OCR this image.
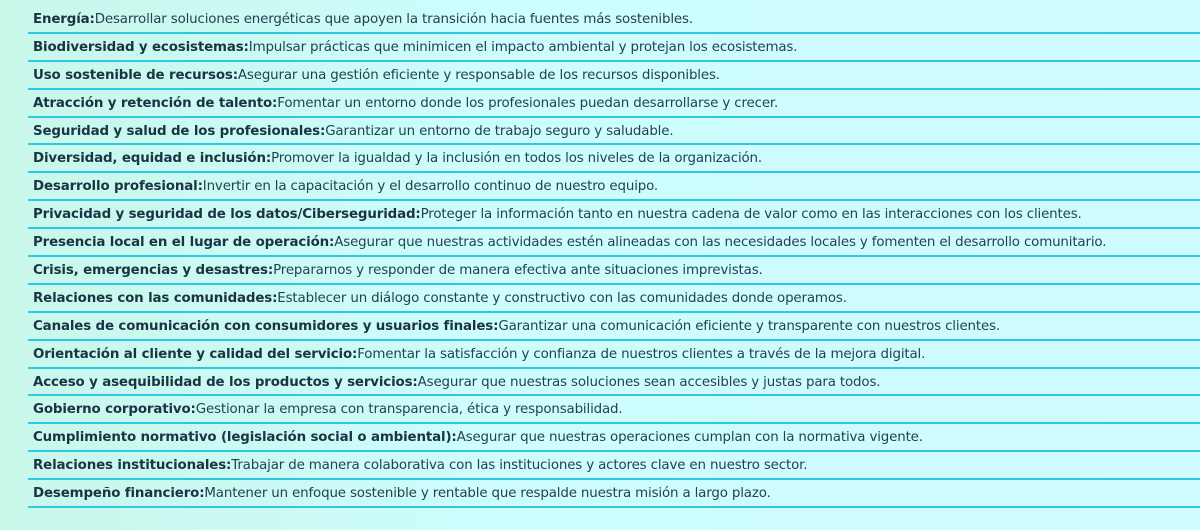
Energía: Desarrollar soluciones energéticas que apoyen la transición hacia fuentes más sostenibles.
Biodiversidad y ecosistemas: Impulsar prácticas que minimicen el impacto ambiental y protejan los ecosistemas.
Uso sostenible de recursos: Asegurar una gestión eficiente y responsable de los recursos disponibles.
Atracción y retención de talento: Fomentar un entorno donde los profesionales puedan desarrollarse y crecer.
Seguridad y salud de los profesionales: Garantizar un entorno de trabajo seguro y saludable.
Diversidad, equidad e inclusión: Promover la igualdad y la inclusión en todos los niveles de la organización.
Desarrollo profesional: Invertir en la capacitación y el desarrollo continuo de nuestro equipo.
Privacidad y seguridad de los datos/Ciberseguridad: Proteger la información tanto en nuestra cadena de valor como en las interacciones con los clientes.
Presencia local en el lugar de operación: Asegurar que nuestras actividades estén alineadas con las necesidades locales y fomenten el desarrollo comunitario.
Crisis, emergencias y desastres: Prepararnos y responder de manera efectiva ante situaciones imprevistas.
Relaciones con las comunidades: Establecer un diálogo constante y constructivo con las comunidades donde operamos.
Canales de comunicación con consumidores y usuarios finales: Garantizar una comunicación eficiente y transparente con nuestros clientes.
Orientación al cliente y calidad del servicio: Fomentar la satisfacción y confianza de nuestros clientes a través de la mejora digital.
Acceso y asequibilidad de los productos y servicios: Asegurar que nuestras soluciones sean accesibles y justas para todos.
Gobierno corporativo: Gestionar la empresa con transparencia, ética y responsabilidad.
Cumplimiento normativo (legislación social o ambiental): Asegurar que nuestras operaciones cumplan con la normativa vigente.
Relaciones institucionales: Trabajar de manera colaborativa con las instituciones y actores clave en nuestro sector.
Desempeño financiero: Mantener un enfoque sostenible y rentable que respalde nuestra misión a largo plazo.
